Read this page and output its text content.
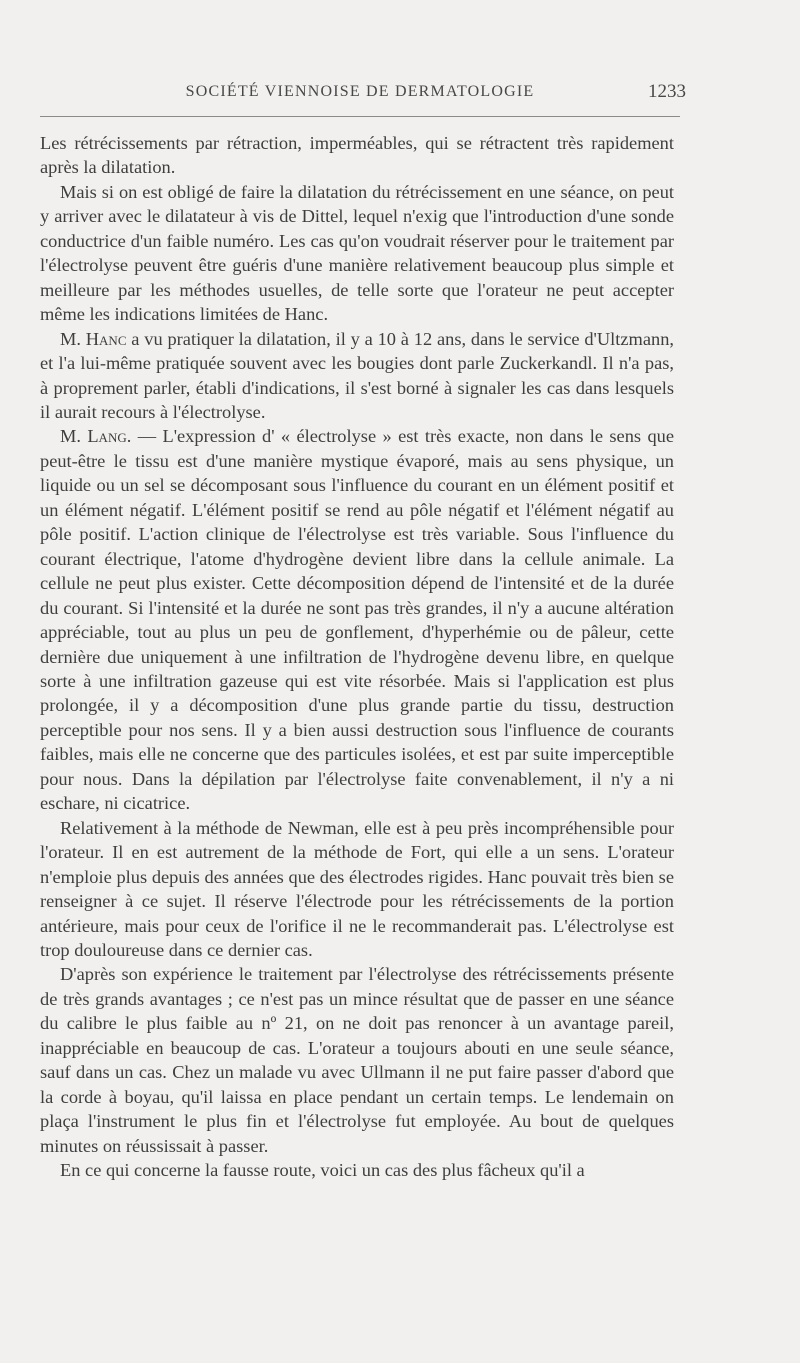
SOCIÉTÉ VIENNOISE DE DERMATOLOGIE	1233

Les rétrécissements par rétraction, imperméables, qui se rétractent très rapidement après la dilatation.

Mais si on est obligé de faire la dilatation du rétrécissement en une séance, on peut y arriver avec le dilatateur à vis de Dittel, lequel n'exig que l'introduction d'une sonde conductrice d'un faible numéro. Les cas qu'on voudrait réserver pour le traitement par l'électrolyse peuvent être guéris d'une manière relativement beaucoup plus simple et meilleure par les méthodes usuelles, de telle sorte que l'orateur ne peut accepter même les indications limitées de Hanc.

M. Hanc a vu pratiquer la dilatation, il y a 10 à 12 ans, dans le service d'Ultzmann, et l'a lui-même pratiquée souvent avec les bougies dont parle Zuckerkandl. Il n'a pas, à proprement parler, établi d'indications, il s'est borné à signaler les cas dans lesquels il aurait recours à l'électrolyse.

M. Lang. — L'expression d' « électrolyse » est très exacte, non dans le sens que peut-être le tissu est d'une manière mystique évaporé, mais au sens physique, un liquide ou un sel se décomposant sous l'influence du courant en un élément positif et un élément négatif. L'élément positif se rend au pôle négatif et l'élément négatif au pôle positif. L'action clinique de l'électrolyse est très variable. Sous l'influence du courant électrique, l'atome d'hydrogène devient libre dans la cellule animale. La cellule ne peut plus exister. Cette décomposition dépend de l'intensité et de la durée du courant. Si l'intensité et la durée ne sont pas très grandes, il n'y a aucune altération appréciable, tout au plus un peu de gonflement, d'hyperhémie ou de pâleur, cette dernière due uniquement à une infiltration de l'hydrogène devenu libre, en quelque sorte à une infiltration gazeuse qui est vite résorbée. Mais si l'application est plus prolongée, il y a décomposition d'une plus grande partie du tissu, destruction perceptible pour nos sens. Il y a bien aussi destruction sous l'influence de courants faibles, mais elle ne concerne que des particules isolées, et est par suite imperceptible pour nous. Dans la dépilation par l'électrolyse faite convenablement, il n'y a ni eschare, ni cicatrice.

Relativement à la méthode de Newman, elle est à peu près incompréhensible pour l'orateur. Il en est autrement de la méthode de Fort, qui elle a un sens. L'orateur n'emploie plus depuis des années que des électrodes rigides. Hanc pouvait très bien se renseigner à ce sujet. Il réserve l'électrode pour les rétrécissements de la portion antérieure, mais pour ceux de l'orifice il ne le recommanderait pas. L'électrolyse est trop douloureuse dans ce dernier cas.

D'après son expérience le traitement par l'électrolyse des rétrécissements présente de très grands avantages ; ce n'est pas un mince résultat que de passer en une séance du calibre le plus faible au nº 21, on ne doit pas renoncer à un avantage pareil, inappréciable en beaucoup de cas. L'orateur a toujours abouti en une seule séance, sauf dans un cas. Chez un malade vu avec Ullmann il ne put faire passer d'abord que la corde à boyau, qu'il laissa en place pendant un certain temps. Le lendemain on plaça l'instrument le plus fin et l'électrolyse fut employée. Au bout de quelques minutes on réussissait à passer.

En ce qui concerne la fausse route, voici un cas des plus fâcheux qu'il a
